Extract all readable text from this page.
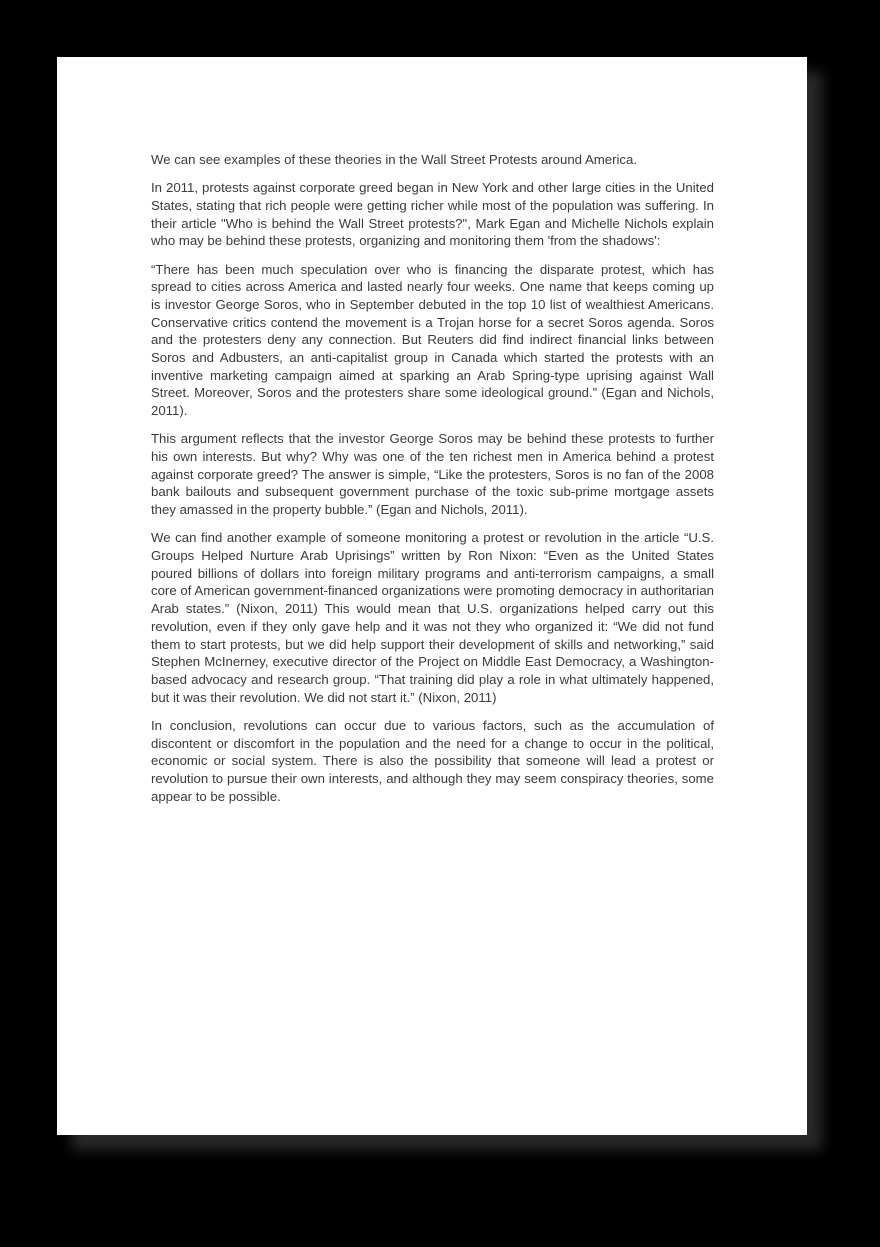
We can see examples of these theories in the Wall Street Protests around America.

In 2011, protests against corporate greed began in New York and other large cities in the United States, stating that rich people were getting richer while most of the population was suffering. In their article "Who is behind the Wall Street protests?", Mark Egan and Michelle Nichols explain who may be behind these protests, organizing and monitoring them 'from the shadows':

“There has been much speculation over who is financing the disparate protest, which has spread to cities across America and lasted nearly four weeks. One name that keeps coming up is investor George Soros, who in September debuted in the top 10 list of wealthiest Americans. Conservative critics contend the movement is a Trojan horse for a secret Soros agenda. Soros and the protesters deny any connection. But Reuters did find indirect financial links between Soros and Adbusters, an anti-capitalist group in Canada which started the protests with an inventive marketing campaign aimed at sparking an Arab Spring-type uprising against Wall Street. Moreover, Soros and the protesters share some ideological ground.” (Egan and Nichols, 2011).

This argument reflects that the investor George Soros may be behind these protests to further his own interests. But why? Why was one of the ten richest men in America behind a protest against corporate greed? The answer is simple, “Like the protesters, Soros is no fan of the 2008 bank bailouts and subsequent government purchase of the toxic sub-prime mortgage assets they amassed in the property bubble.” (Egan and Nichols, 2011).

We can find another example of someone monitoring a protest or revolution in the article “U.S. Groups Helped Nurture Arab Uprisings” written by Ron Nixon: “Even as the United States poured billions of dollars into foreign military programs and anti-terrorism campaigns, a small core of American government-financed organizations were promoting democracy in authoritarian Arab states.” (Nixon, 2011) This would mean that U.S. organizations helped carry out this revolution, even if they only gave help and it was not they who organized it: “We did not fund them to start protests, but we did help support their development of skills and networking,” said Stephen McInerney, executive director of the Project on Middle East Democracy, a Washington-based advocacy and research group. “That training did play a role in what ultimately happened, but it was their revolution. We did not start it.” (Nixon, 2011)

In conclusion, revolutions can occur due to various factors, such as the accumulation of discontent or discomfort in the population and the need for a change to occur in the political, economic or social system. There is also the possibility that someone will lead a protest or revolution to pursue their own interests, and although they may seem conspiracy theories, some appear to be possible.
